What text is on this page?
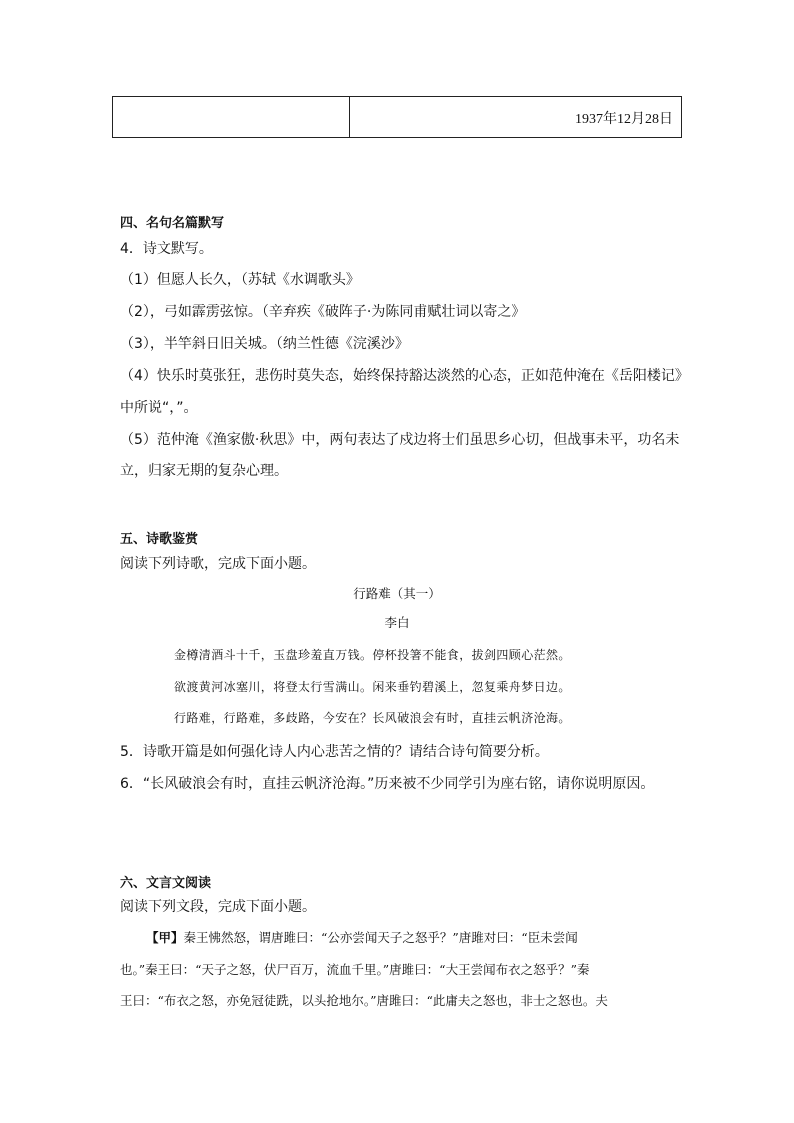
1937年12月28日
四、名句名篇默写
4．诗文默写。
（1）但愿人长久，（苏轼《水调歌头》
（2），弓如霹雳弦惊。（辛弃疾《破阵子·为陈同甫赋壮词以寄之》
（3），半竿斜日旧关城。（纳兰性德《浣溪沙》
（4）快乐时莫张狂，悲伤时莫失态，始终保持豁达淡然的心态，正如范仲淹在《岳阳楼记》
中所说“，”。
（5）范仲淹《渔家傲·秋思》中，两句表达了戍边将士们虽思乡心切，但战事未平，功名未
立，归家无期的复杂心理。
五、诗歌鉴赏
阅读下列诗歌，完成下面小题。
行路难（其一）
李白
金樽清酒斗十千，玉盘珍羞直万钱。停杯投箸不能食，拔剑四顾心茫然。
欲渡黄河冰塞川，将登太行雪满山。闲来垂钓碧溪上，忽复乘舟梦日边。
行路难，行路难，多歧路，今安在？长风破浪会有时，直挂云帆济沧海。
5．诗歌开篇是如何强化诗人内心悲苦之情的？请结合诗句简要分析。
6．“长风破浪会有时，直挂云帆济沧海。”历来被不少同学引为座右铭，请你说明原因。
六、文言文阅读
阅读下列文段，完成下面小题。
【甲】秦王怫然怒，谓唐雎曰：“公亦尝闻天子之怒乎？”唐雎对曰：“臣未尝闻
也。”秦王曰：“天子之怒，伏尸百万，流血千里。”唐雎曰：“大王尝闻布衣之怒乎？”秦
王曰：“布衣之怒，亦免冠徒跣，以头抢地尔。”唐雎曰：“此庸夫之怒也，非士之怒也。夫
